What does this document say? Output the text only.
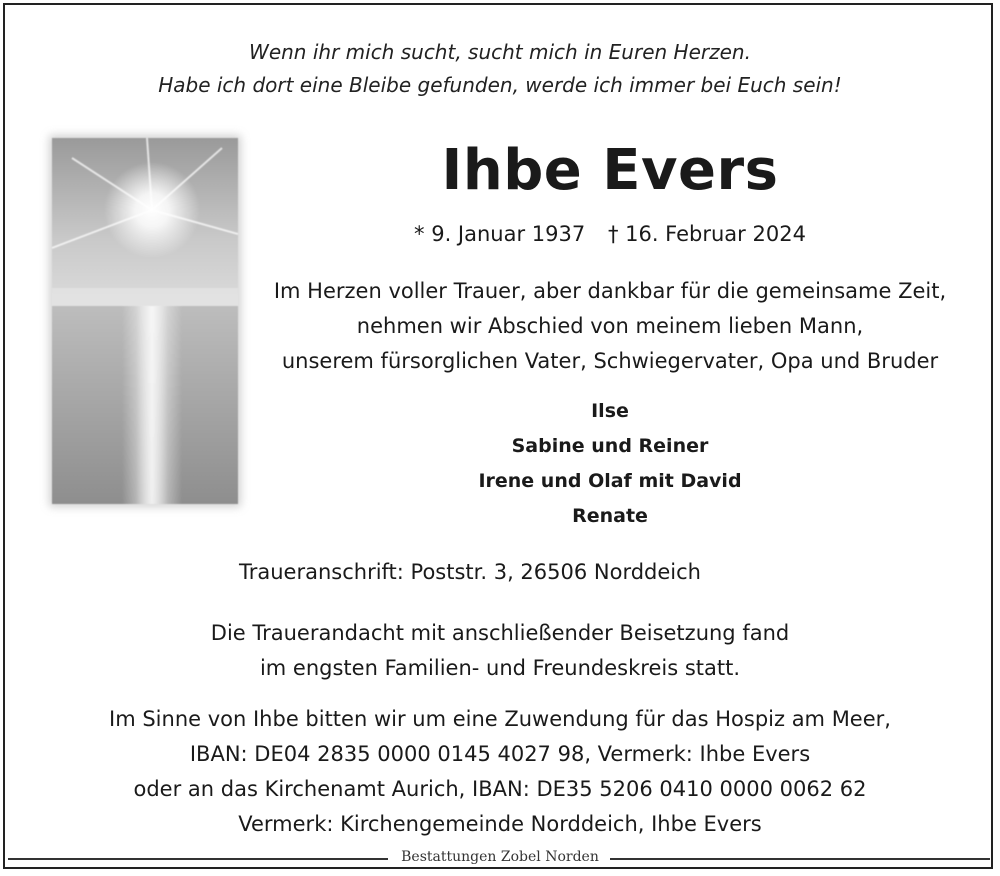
Wenn ihr mich sucht, sucht mich in Euren Herzen.
Habe ich dort eine Bleibe gefunden, werde ich immer bei Euch sein!
Ihbe Evers
* 9. Januar 1937 † 16. Februar 2024
Im Herzen voller Trauer, aber dankbar für die gemeinsame Zeit,
nehmen wir Abschied von meinem lieben Mann,
unserem fürsorglichen Vater, Schwiegervater, Opa und Bruder
Ilse
Sabine und Reiner
Irene und Olaf mit David
Renate
Traueranschrift: Poststr. 3, 26506 Norddeich
Die Trauerandacht mit anschließender Beisetzung fand
im engsten Familien- und Freundeskreis statt.
Im Sinne von Ihbe bitten wir um eine Zuwendung für das Hospiz am Meer,
IBAN: DE04 2835 0000 0145 4027 98, Vermerk: Ihbe Evers
oder an das Kirchenamt Aurich, IBAN: DE35 5206 0410 0000 0062 62
Vermerk: Kirchengemeinde Norddeich, Ihbe Evers
Bestattungen Zobel Norden
